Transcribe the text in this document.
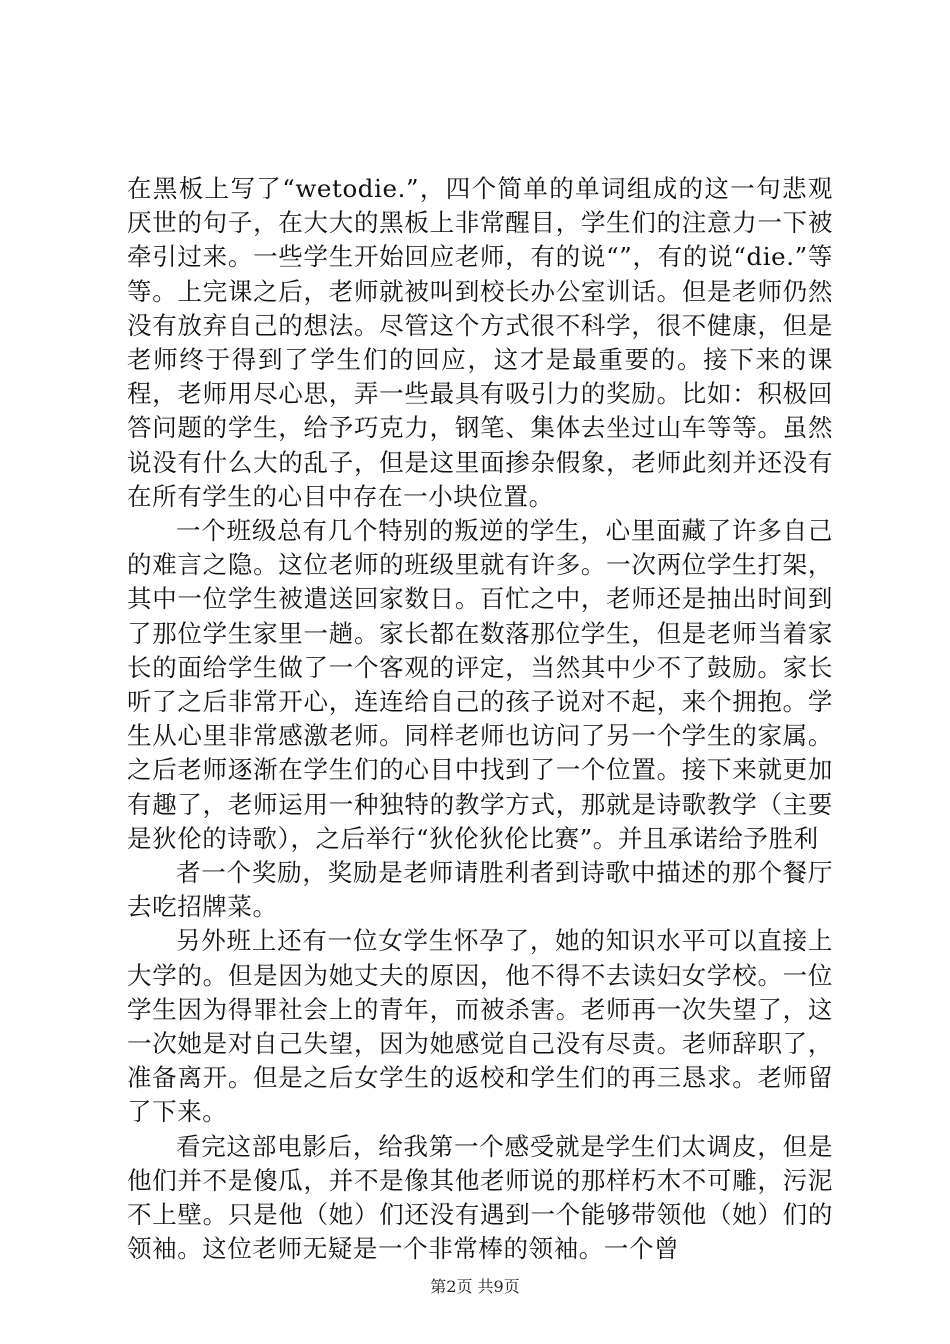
在黑板上写了“wetodie.”，四个简单的单词组成的这一句悲观厌世的句子，在大大的黑板上非常醒目，学生们的注意力一下被牵引过来。一些学生开始回应老师，有的说“”，有的说“die.”等等。上完课之后，老师就被叫到校长办公室训话。但是老师仍然没有放弃自己的想法。尽管这个方式很不科学，很不健康，但是老师终于得到了学生们的回应，这才是最重要的。接下来的课程，老师用尽心思，弄一些最具有吸引力的奖励。比如：积极回答问题的学生，给予巧克力，钢笔、集体去坐过山车等等。虽然说没有什么大的乱子，但是这里面掺杂假象，老师此刻并还没有在所有学生的心目中存在一小块位置。

一个班级总有几个特别的叛逆的学生，心里面藏了许多自己的难言之隐。这位老师的班级里就有许多。一次两位学生打架，其中一位学生被遣送回家数日。百忙之中，老师还是抽出时间到了那位学生家里一趟。家长都在数落那位学生，但是老师当着家长的面给学生做了一个客观的评定，当然其中少不了鼓励。家长听了之后非常开心，连连给自己的孩子说对不起，来个拥抱。学生从心里非常感激老师。同样老师也访问了另一个学生的家属。之后老师逐渐在学生们的心目中找到了一个位置。接下来就更加有趣了，老师运用一种独特的教学方式，那就是诗歌教学（主要是狄伦的诗歌），之后举行“狄伦狄伦比赛”。并且承诺给予胜利

者一个奖励，奖励是老师请胜利者到诗歌中描述的那个餐厅去吃招牌菜。

另外班上还有一位女学生怀孕了，她的知识水平可以直接上大学的。但是因为她丈夫的原因，他不得不去读妇女学校。一位学生因为得罪社会上的青年，而被杀害。老师再一次失望了，这一次她是对自己失望，因为她感觉自己没有尽责。老师辞职了，准备离开。但是之后女学生的返校和学生们的再三恳求。老师留了下来。

看完这部电影后，给我第一个感受就是学生们太调皮，但是他们并不是傻瓜，并不是像其他老师说的那样朽木不可雕，污泥不上壁。只是他（她）们还没有遇到一个能够带领他（她）们的领袖。这位老师无疑是一个非常棒的领袖。一个曾

第2页 共9页
